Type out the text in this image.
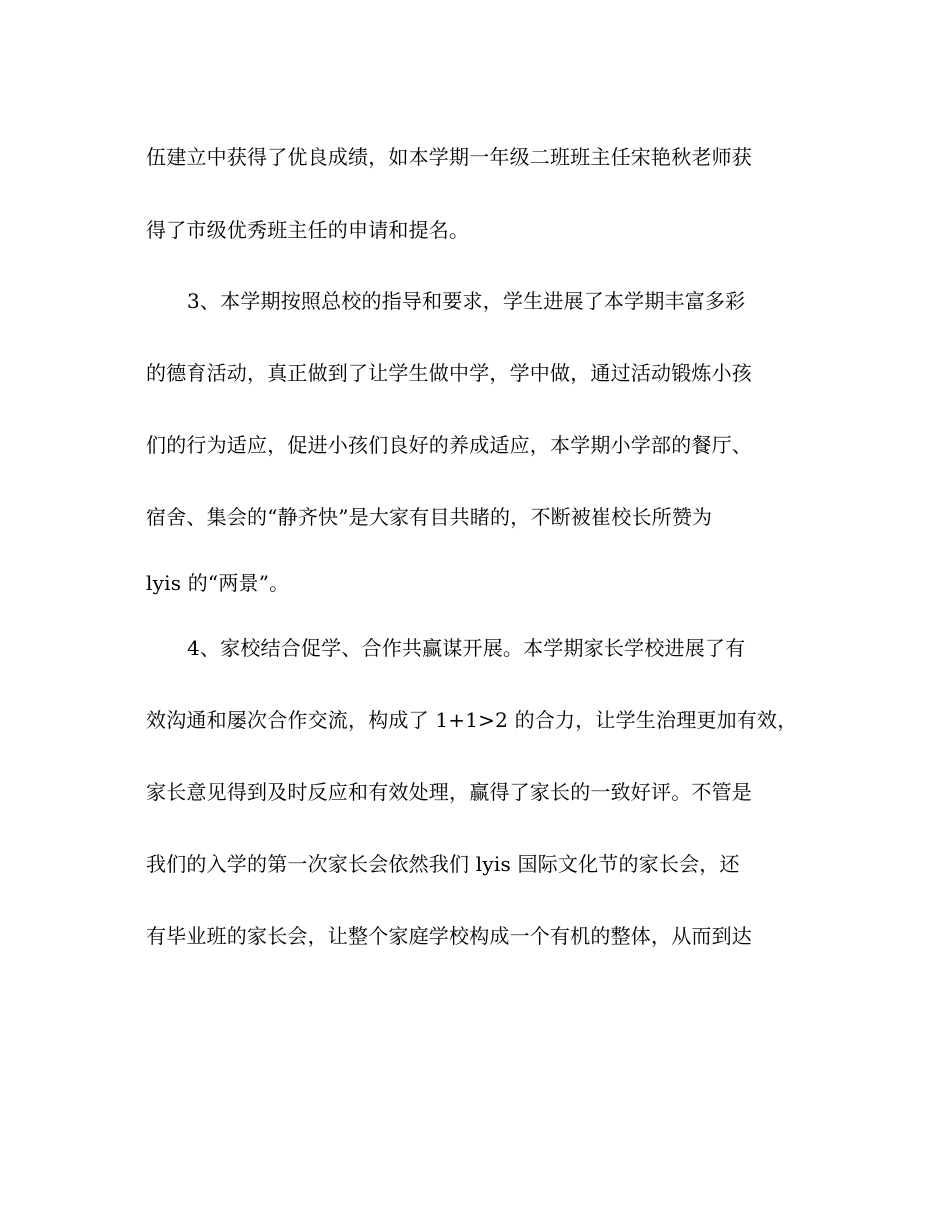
伍建立中获得了优良成绩，如本学期一年级二班班主任宋艳秋老师获
得了市级优秀班主任的申请和提名。
3、本学期按照总校的指导和要求，学生进展了本学期丰富多彩
的德育活动，真正做到了让学生做中学，学中做，通过活动锻炼小孩
们的行为适应，促进小孩们良好的养成适应，本学期小学部的餐厅、
宿舍、集会的“静齐快”是大家有目共睹的，不断被崔校长所赞为
lyis 的“两景”。
4、家校结合促学、合作共赢谋开展。本学期家长学校进展了有
效沟通和屡次合作交流，构成了 1+1>2 的合力，让学生治理更加有效，
家长意见得到及时反应和有效处理，赢得了家长的一致好评。不管是
我们的入学的第一次家长会依然我们 lyis 国际文化节的家长会，还
有毕业班的家长会，让整个家庭学校构成一个有机的整体，从而到达
